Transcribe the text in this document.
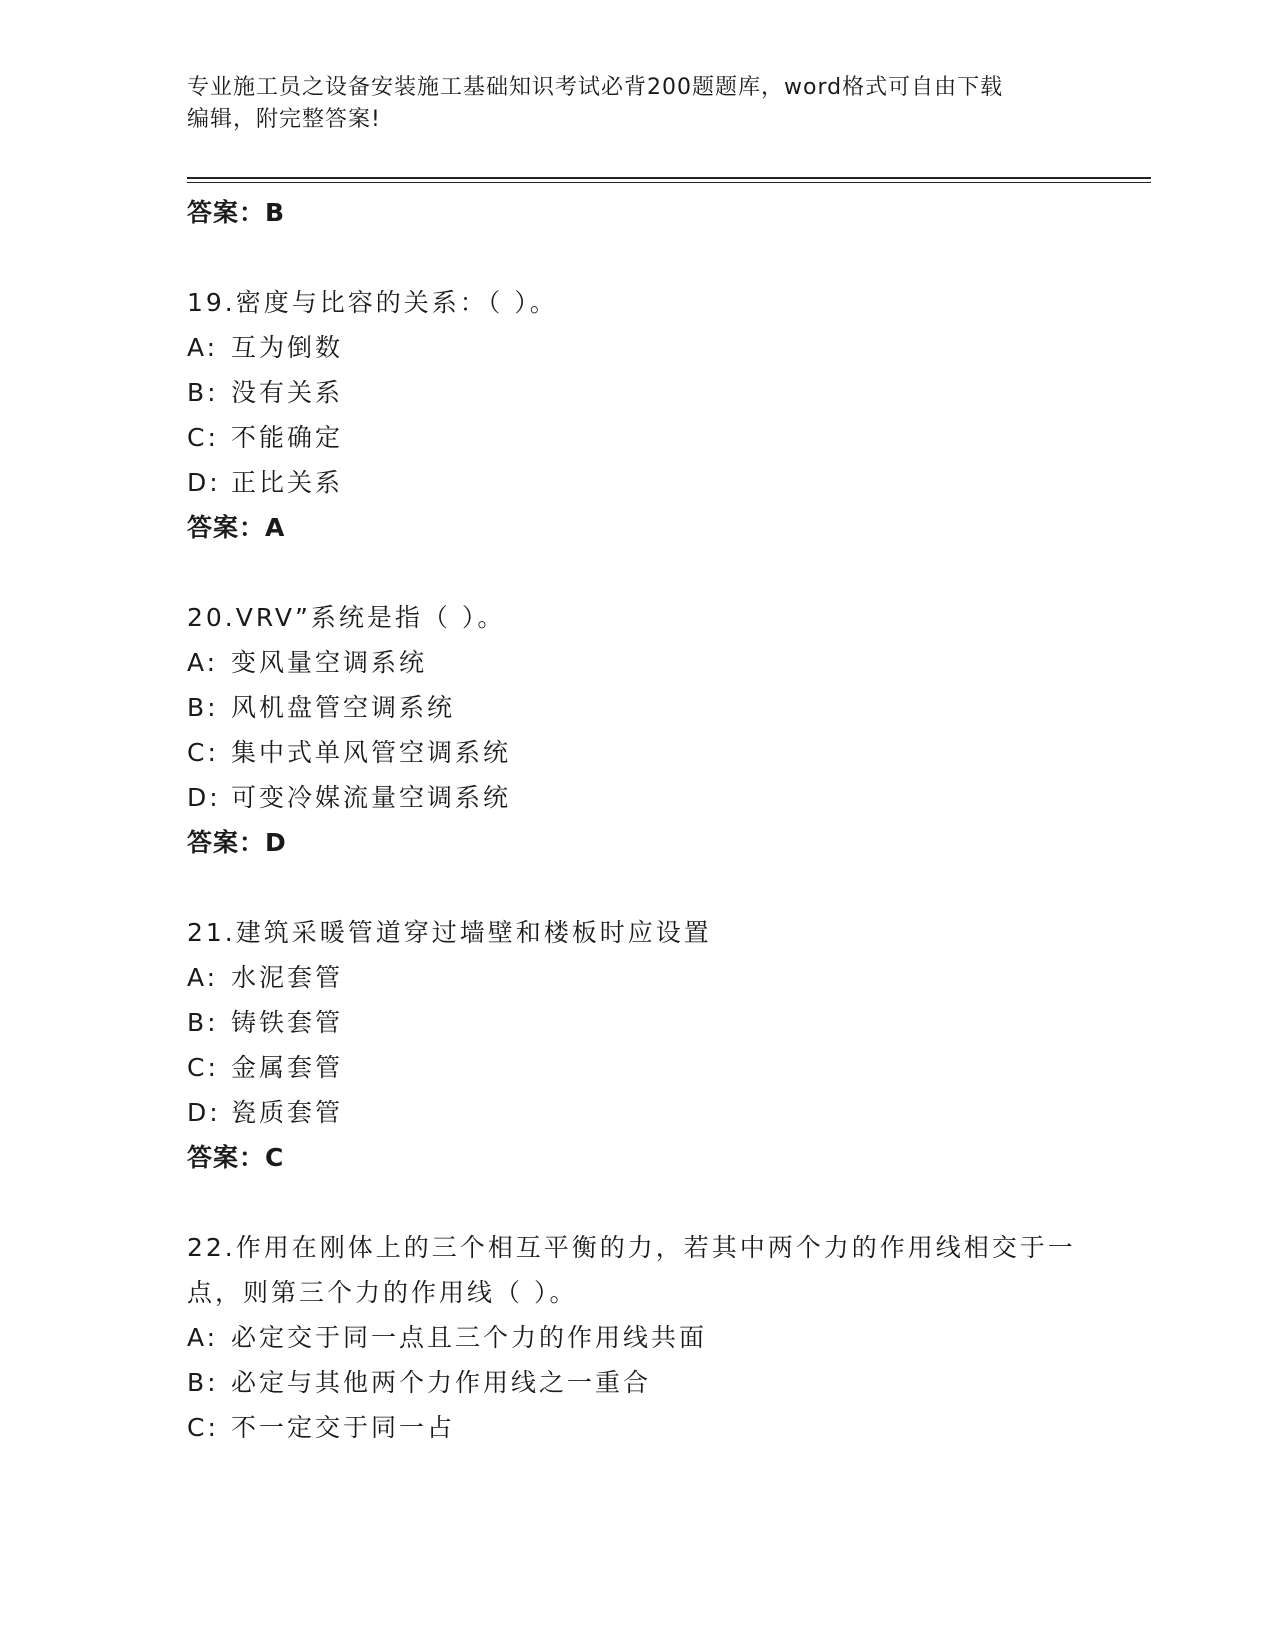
专业施工员之设备安装施工基础知识考试必背200题题库，word格式可自由下载
编辑，附完整答案!
答案：B
19.密度与比容的关系：（ ）。
A: 互为倒数
B: 没有关系
C: 不能确定
D: 正比关系
答案：A
20.VRV”系统是指（ ）。
A: 变风量空调系统
B: 风机盘管空调系统
C: 集中式单风管空调系统
D: 可变冷媒流量空调系统
答案：D
21.建筑采暖管道穿过墙壁和楼板时应设置
A: 水泥套管
B: 铸铁套管
C: 金属套管
D: 瓷质套管
答案：C
22.作用在刚体上的三个相互平衡的力，若其中两个力的作用线相交于一点，则第三个力的作用线（ ）。
A: 必定交于同一点且三个力的作用线共面
B: 必定与其他两个力作用线之一重合
C: 不一定交于同一占
